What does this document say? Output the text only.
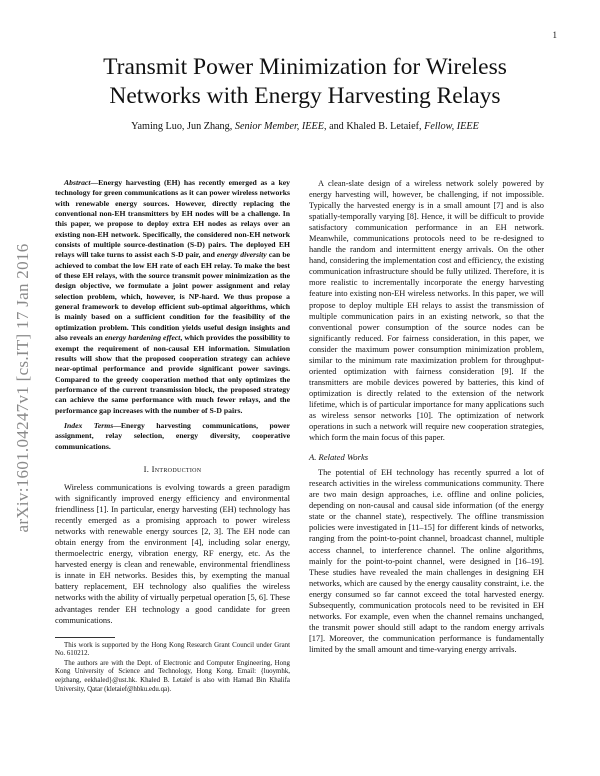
1
arXiv:1601.04247v1 [cs.IT] 17 Jan 2016
Transmit Power Minimization for Wireless
Networks with Energy Harvesting Relays
Yaming Luo, Jun Zhang, Senior Member, IEEE, and Khaled B. Letaief, Fellow, IEEE

Abstract—Energy harvesting (EH) has recently emerged as a key technology for green communications as it can power wireless networks with renewable energy sources. However, directly replacing the conventional non-EH transmitters by EH nodes will be a challenge. In this paper, we propose to deploy extra EH nodes as relays over an existing non-EH network. Specifically, the considered non-EH network consists of multiple source-destination (S-D) pairs. The deployed EH relays will take turns to assist each S-D pair, and energy diversity can be achieved to combat the low EH rate of each EH relay. To make the best of these EH relays, with the source transmit power minimization as the design objective, we formulate a joint power assignment and relay selection problem, which, however, is NP-hard. We thus propose a general framework to develop efficient sub-optimal algorithms, which is mainly based on a sufficient condition for the feasibility of the optimization problem. This condition yields useful design insights and also reveals an energy hardening effect, which provides the possibility to exempt the requirement of non-causal EH information. Simulation results will show that the proposed cooperation strategy can achieve near-optimal performance and provide significant power savings. Compared to the greedy cooperation method that only optimizes the performance of the current transmission block, the proposed strategy can achieve the same performance with much fewer relays, and the performance gap increases with the number of S-D pairs.

Index Terms—Energy harvesting communications, power assignment, relay selection, energy diversity, cooperative communications.

I. Introduction

Wireless communications is evolving towards a green paradigm with significantly improved energy efficiency and environmental friendliness [1]. In particular, energy harvesting (EH) technology has recently emerged as a promising approach to power wireless networks with renewable energy sources [2, 3]. The EH node can obtain energy from the environment [4], including solar energy, thermoelectric energy, vibration energy, RF energy, etc. As the harvested energy is clean and renewable, environmental friendliness is innate in EH networks. Besides this, by exempting the manual battery replacement, EH technology also qualifies the wireless networks with the ability of virtually perpetual operation [5, 6]. These advantages render EH technology a good candidate for green communications.

This work is supported by the Hong Kong Research Grant Council under Grant No. 610212.

The authors are with the Dept. of Electronic and Computer Engineering, Hong Kong University of Science and Technology, Hong Kong. Email: {luoymhk, eejzhang, eekhaled}@ust.hk. Khaled B. Letaief is also with Hamad Bin Khalifa University, Qatar (kletaief@hbku.edu.qa).

A clean-slate design of a wireless network solely powered by energy harvesting will, however, be challenging, if not impossible. Typically the harvested energy is in a small amount [7] and is also spatially-temporally varying [8]. Hence, it will be difficult to provide satisfactory communication performance in an EH network. Meanwhile, communications protocols need to be re-designed to handle the random and intermittent energy arrivals. On the other hand, considering the implementation cost and efficiency, the existing communication infrastructure should be fully utilized. Therefore, it is more realistic to incrementally incorporate the energy harvesting feature into existing non-EH wireless networks. In this paper, we will propose to deploy multiple EH relays to assist the transmission of multiple communication pairs in an existing network, so that the conventional power consumption of the source nodes can be significantly reduced. For fairness consideration, in this paper, we consider the maximum power consumption minimization problem, similar to the minimum rate maximization problem for throughput-oriented optimization with fairness consideration [9]. If the transmitters are mobile devices powered by batteries, this kind of optimization is directly related to the extension of the network lifetime, which is of particular importance for many applications such as wireless sensor networks [10]. The optimization of network operations in such a network will require new cooperation strategies, which form the main focus of this paper.

A. Related Works

The potential of EH technology has recently spurred a lot of research activities in the wireless communications community. There are two main design approaches, i.e. offline and online policies, depending on non-causal and causal side information (of the energy state or the channel state), respectively. The offline transmission policies were investigated in [11–15] for different kinds of networks, ranging from the point-to-point channel, broadcast channel, multiple access channel, to interference channel. The online algorithms, mainly for the point-to-point channel, were designed in [16–19]. These studies have revealed the main challenges in designing EH networks, which are caused by the energy causality constraint, i.e. the energy consumed so far cannot exceed the total harvested energy. Subsequently, communication protocols need to be revisited in EH networks. For example, even when the channel remains unchanged, the transmit power should still adapt to the random energy arrivals [17]. Moreover, the communication performance is fundamentally limited by the small amount and time-varying energy arrivals.
